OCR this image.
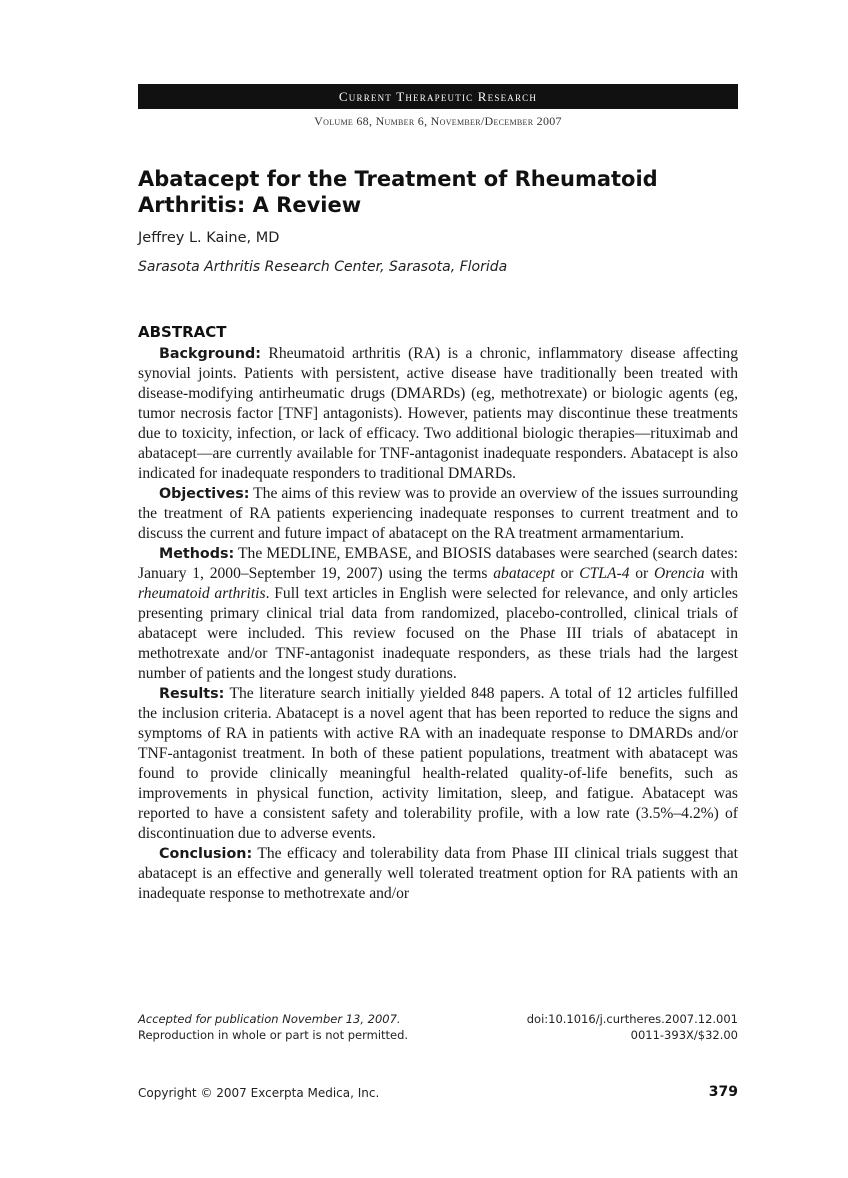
Current Therapeutic Research
Volume 68, Number 6, November/December 2007
Abatacept for the Treatment of Rheumatoid Arthritis: A Review
Jeffrey L. Kaine, MD
Sarasota Arthritis Research Center, Sarasota, Florida
ABSTRACT

Background: Rheumatoid arthritis (RA) is a chronic, inflammatory disease affecting synovial joints. Patients with persistent, active disease have traditionally been treated with disease-modifying antirheumatic drugs (DMARDs) (eg, methotrexate) or biologic agents (eg, tumor necrosis factor [TNF] antagonists). However, patients may discontinue these treatments due to toxicity, infection, or lack of efficacy. Two additional biologic therapies—rituximab and abatacept—are currently available for TNF-antagonist inadequate responders. Abatacept is also indicated for inadequate responders to traditional DMARDs.

Objectives: The aims of this review was to provide an overview of the issues surrounding the treatment of RA patients experiencing inadequate responses to current treatment and to discuss the current and future impact of abatacept on the RA treatment armamentarium.

Methods: The MEDLINE, EMBASE, and BIOSIS databases were searched (search dates: January 1, 2000–September 19, 2007) using the terms abatacept or CTLA-4 or Orencia with rheumatoid arthritis. Full text articles in English were selected for relevance, and only articles presenting primary clinical trial data from randomized, placebo-controlled, clinical trials of abatacept were included. This review focused on the Phase III trials of abatacept in methotrexate and/or TNF-antagonist inadequate responders, as these trials had the largest number of patients and the longest study durations.

Results: The literature search initially yielded 848 papers. A total of 12 articles fulfilled the inclusion criteria. Abatacept is a novel agent that has been reported to reduce the signs and symptoms of RA in patients with active RA with an inadequate response to DMARDs and/or TNF-antagonist treatment. In both of these patient populations, treatment with abatacept was found to provide clinically meaningful health-related quality-of-life benefits, such as improvements in physical function, activity limitation, sleep, and fatigue. Abatacept was reported to have a consistent safety and tolerability profile, with a low rate (3.5%–4.2%) of discontinuation due to adverse events.

Conclusion: The efficacy and tolerability data from Phase III clinical trials suggest that abatacept is an effective and generally well tolerated treatment option for RA patients with an inadequate response to methotrexate and/or

Accepted for publication November 13, 2007.
Reproduction in whole or part is not permitted.
doi:10.1016/j.curtheres.2007.12.001
0011-393X/$32.00
Copyright © 2007 Excerpta Medica, Inc.	379
